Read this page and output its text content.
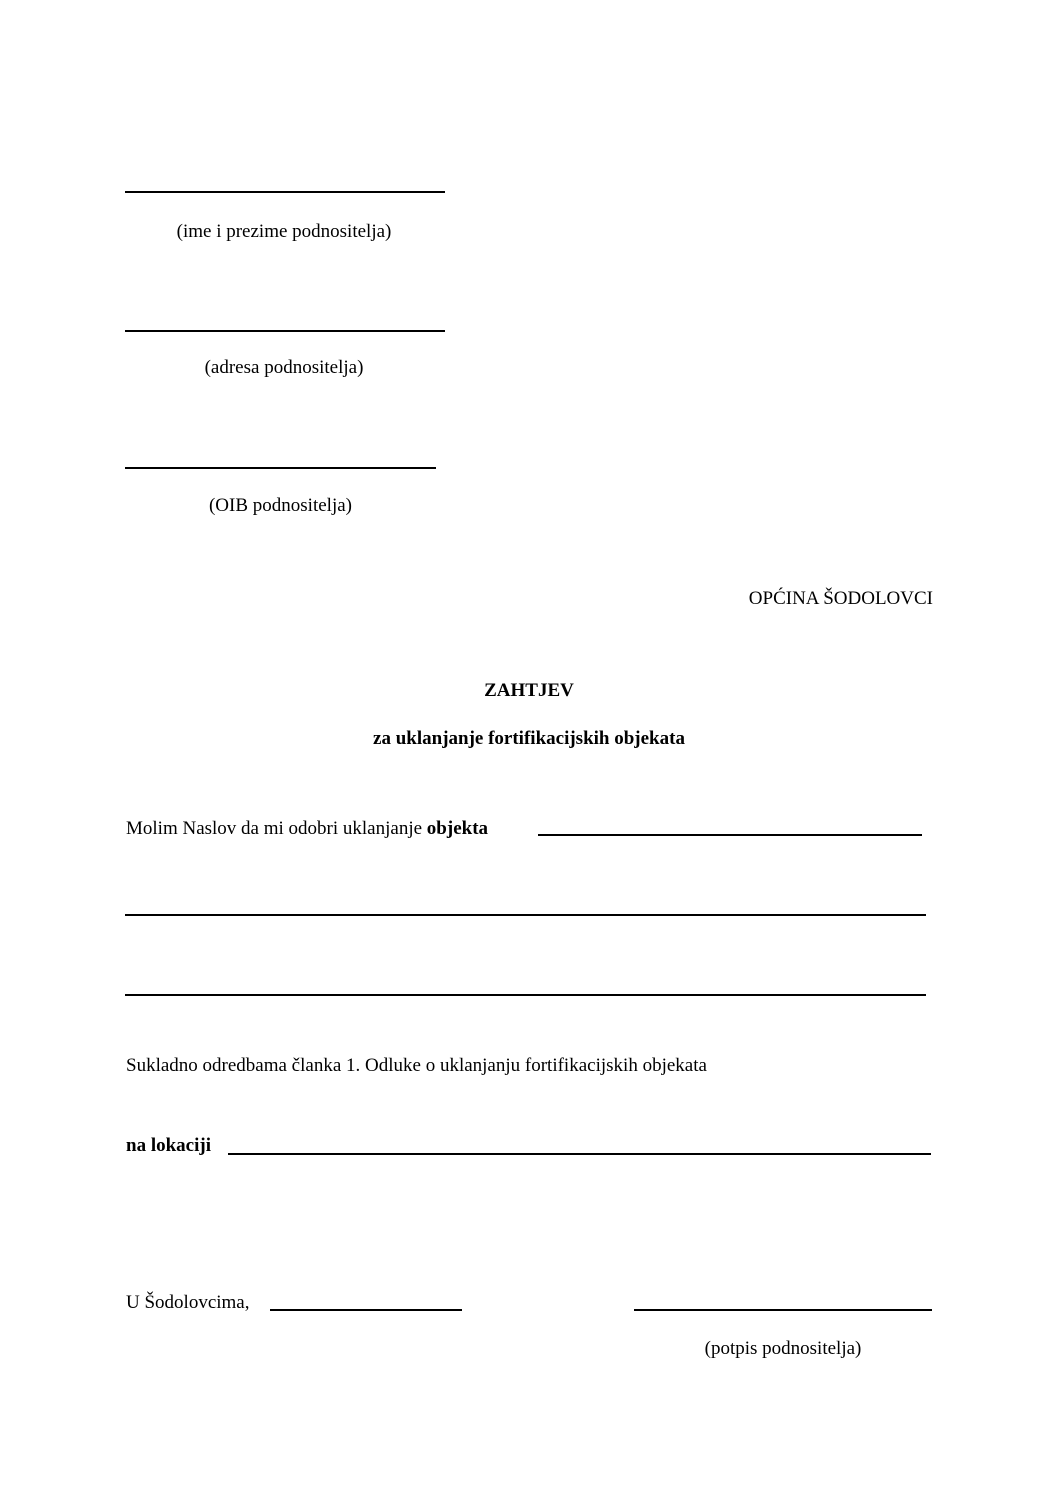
(ime i prezime podnositelja)
(adresa podnositelja)
(OIB podnositelja)
OPĆINA ŠODOLOVCI
ZAHTJEV
za uklanjanje fortifikacijskih objekata
Molim Naslov da mi odobri uklanjanje objekta
Sukladno odredbama članka 1. Odluke o uklanjanju fortifikacijskih objekata
na lokaciji
U Šodolovcima,
(potpis podnositelja)
